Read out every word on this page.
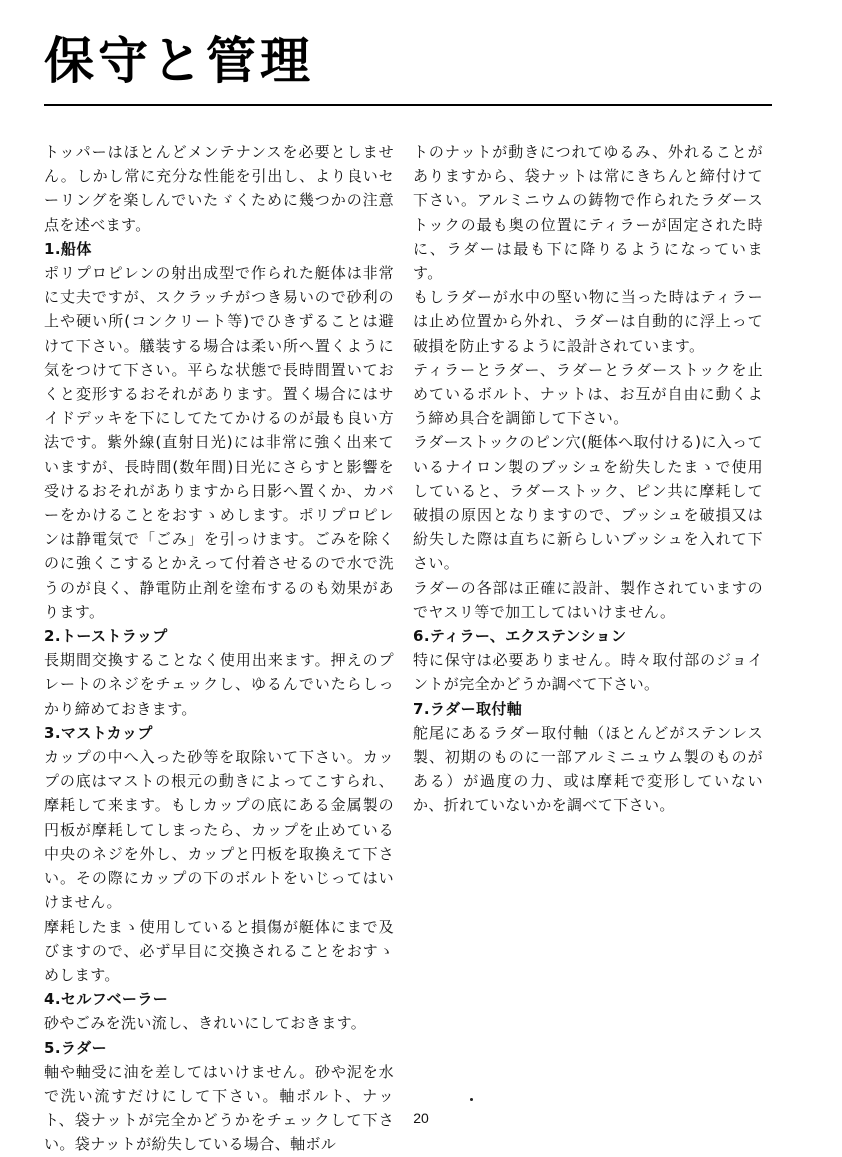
保守と管理

トッパーはほとんどメンテナンスを必要としません。しかし常に充分な性能を引出し、より良いセーリングを楽しんでいたゞくために幾つかの注意点を述べます。

1.船体

ポリプロピレンの射出成型で作られた艇体は非常に丈夫ですが、スクラッチがつき易いので砂利の上や硬い所(コンクリート等)でひきずることは避けて下さい。艤装する場合は柔い所へ置くように気をつけて下さい。平らな状態で長時間置いておくと変形するおそれがあります。置く場合にはサイドデッキを下にしてたてかけるのが最も良い方法です。紫外線(直射日光)には非常に強く出来ていますが、長時間(数年間)日光にさらすと影響を受けるおそれがありますから日影へ置くか、カバーをかけることをおすゝめします。ポリプロピレンは静電気で「ごみ」を引っけます。ごみを除くのに強くこするとかえって付着させるので水で洗うのが良く、静電防止剤を塗布するのも効果があります。

2.トーストラップ

長期間交換することなく使用出来ます。押えのプレートのネジをチェックし、ゆるんでいたらしっかり締めておきます。

3.マストカップ

カップの中へ入った砂等を取除いて下さい。カップの底はマストの根元の動きによってこすられ、摩耗して来ます。もしカップの底にある金属製の円板が摩耗してしまったら、カップを止めている中央のネジを外し、カップと円板を取換えて下さい。その際にカップの下のボルトをいじってはいけません。

摩耗したまゝ使用していると損傷が艇体にまで及びますので、必ず早目に交換されることをおすゝめします。

4.セルフベーラー

砂やごみを洗い流し、きれいにしておきます。

5.ラダー

軸や軸受に油を差してはいけません。砂や泥を水で洗い流すだけにして下さい。軸ボルト、ナット、袋ナットが完全かどうかをチェックして下さい。袋ナットが紛失している場合、軸ボル

トのナットが動きにつれてゆるみ、外れることがありますから、袋ナットは常にきちんと締付けて下さい。アルミニウムの鋳物で作られたラダーストックの最も奥の位置にティラーが固定された時に、ラダーは最も下に降りるようになっています。

もしラダーが水中の堅い物に当った時はティラーは止め位置から外れ、ラダーは自動的に浮上って破損を防止するように設計されています。

ティラーとラダー、ラダーとラダーストックを止めているボルト、ナットは、お互が自由に動くよう締め具合を調節して下さい。

ラダーストックのピン穴(艇体へ取付ける)に入っているナイロン製のブッシュを紛失したまゝで使用していると、ラダーストック、ピン共に摩耗して破損の原因となりますので、ブッシュを破損又は紛失した際は直ちに新らしいブッシュを入れて下さい。

ラダーの各部は正確に設計、製作されていますのでヤスリ等で加工してはいけません。

6.ティラー、エクステンション

特に保守は必要ありません。時々取付部のジョイントが完全かどうか調べて下さい。

7.ラダー取付軸

舵尾にあるラダー取付軸（ほとんどがステンレス製、初期のものに一部アルミニュウム製のものがある）が過度の力、或は摩耗で変形していないか、折れていないかを調べて下さい。

20
